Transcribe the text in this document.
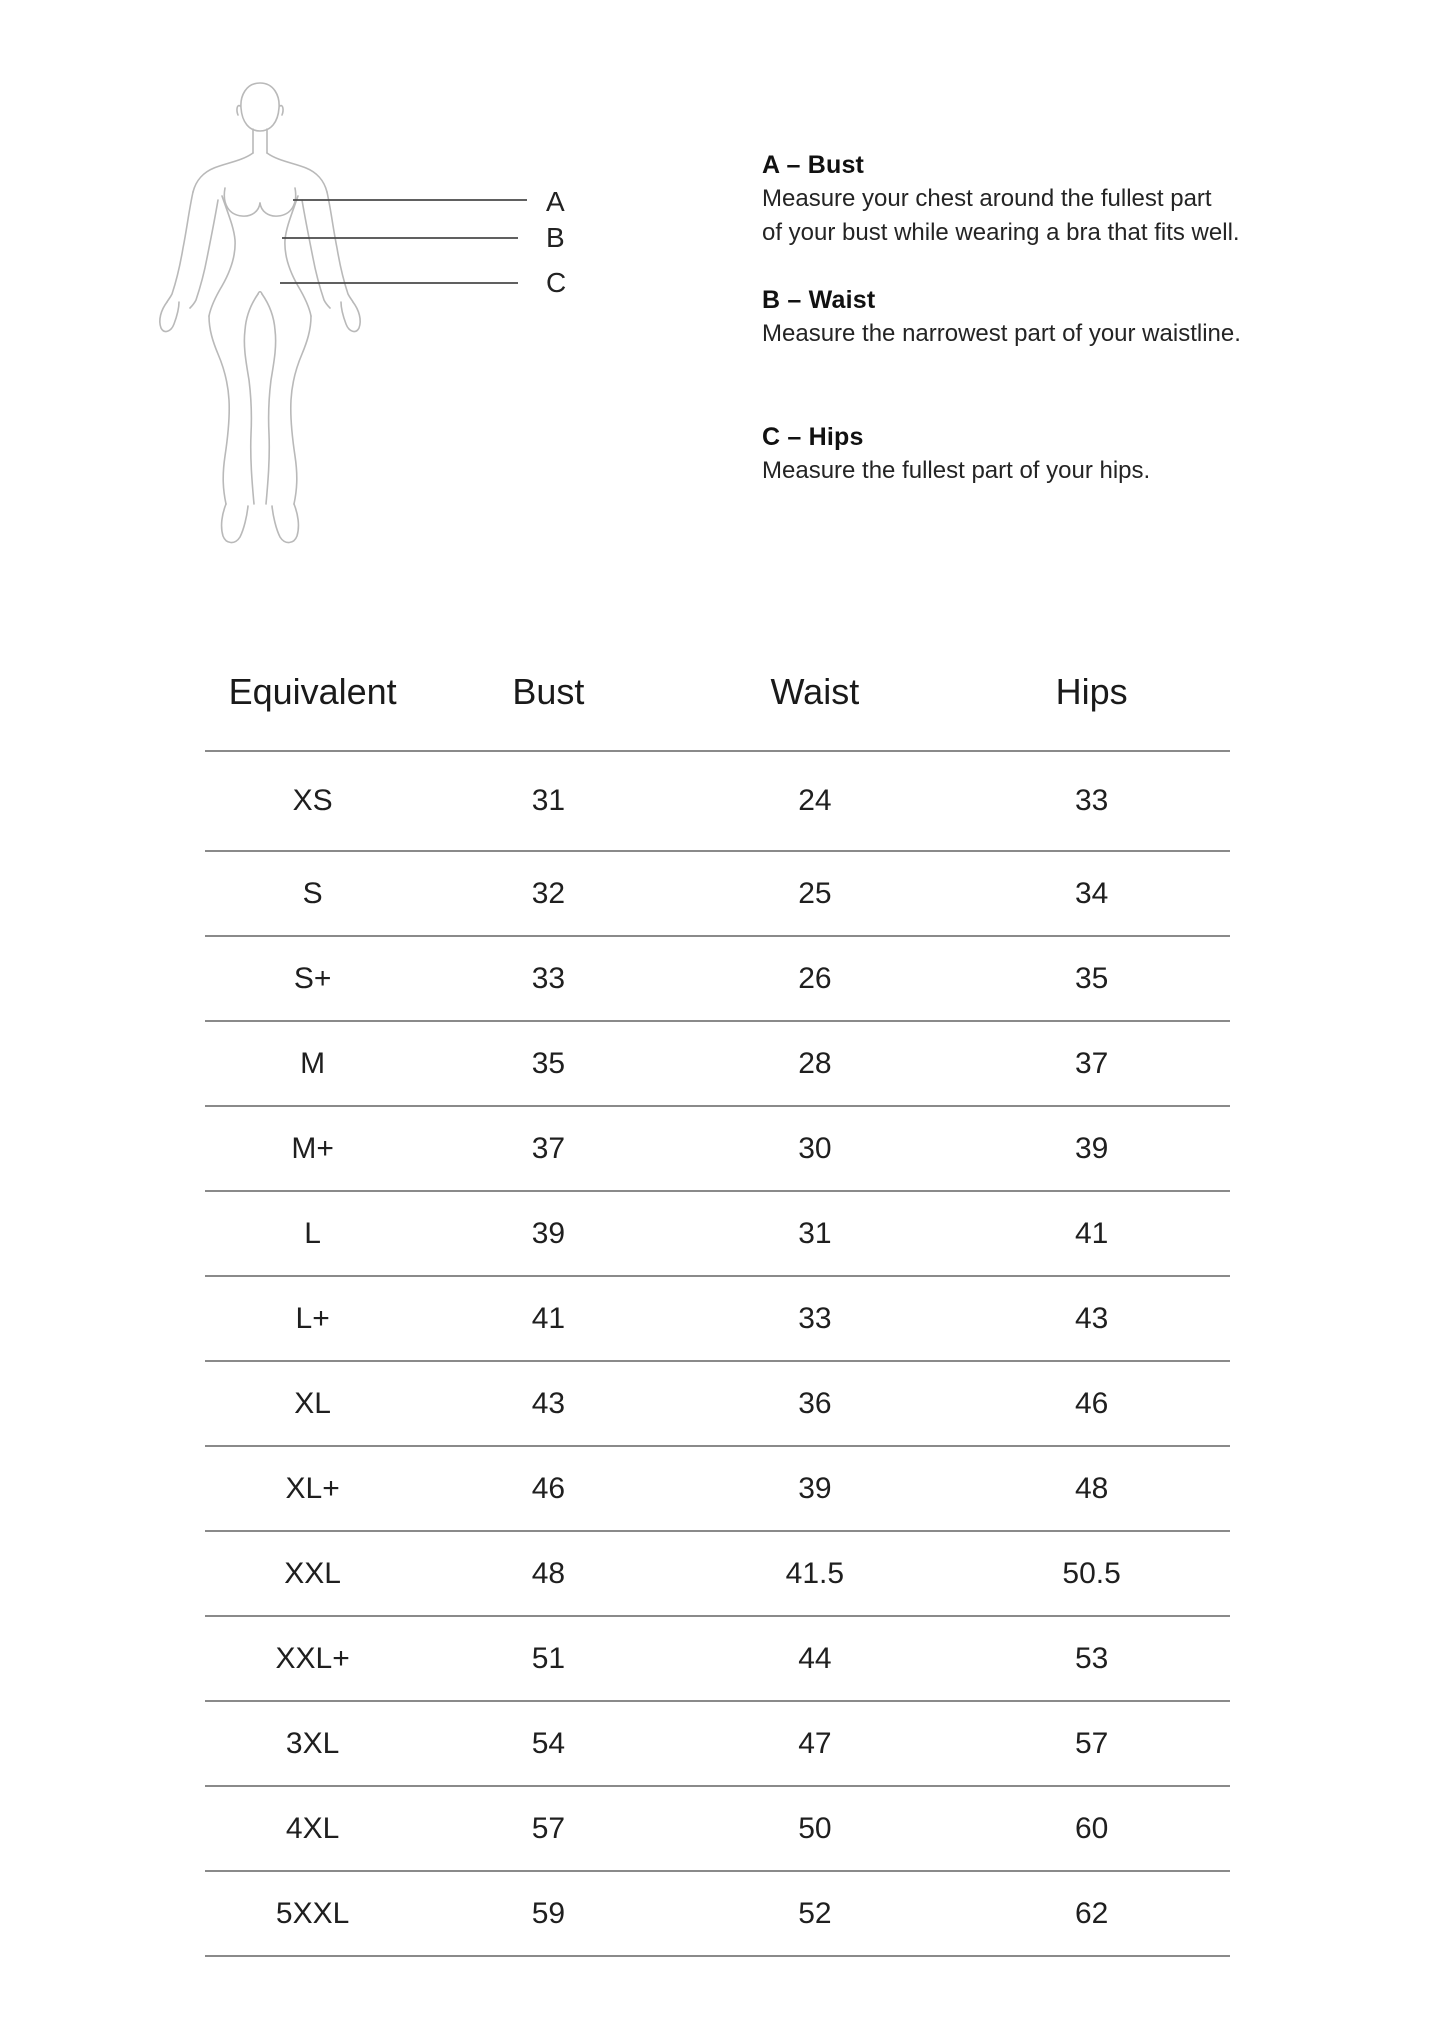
A
B
C
A – Bust
Measure your chest around the fullest part
of your bust while wearing a bra that fits well.
B – Waist
Measure the narrowest part of your waistline.
C – Hips
Measure the fullest part of your hips.
Equivalent	Bust	Waist	Hips
XS	31	24	33
S	32	25	34
S+	33	26	35
M	35	28	37
M+	37	30	39
L	39	31	41
L+	41	33	43
XL	43	36	46
XL+	46	39	48
XXL	48	41.5	50.5
XXL+	51	44	53
3XL	54	47	57
4XL	57	50	60
5XXL	59	52	62
